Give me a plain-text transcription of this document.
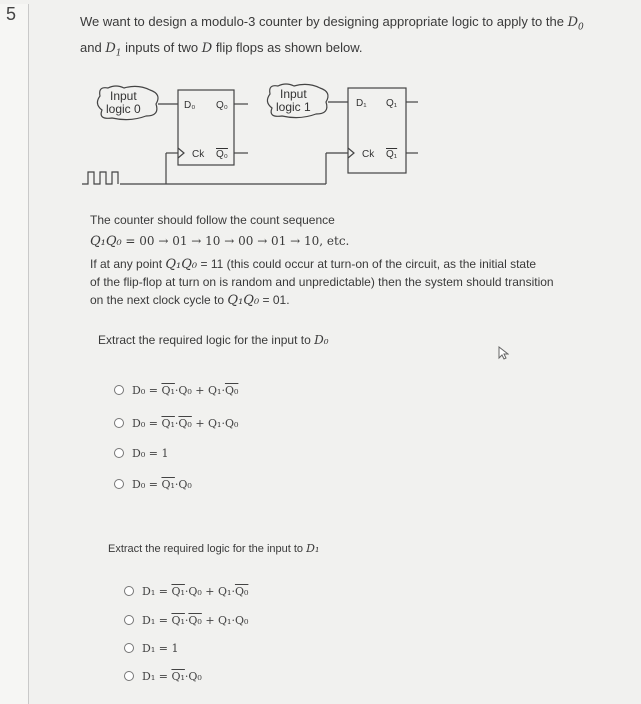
5	We want to design a modulo-3 counter by designing appropriate logic to apply to the $D_0$
and $D_1$ inputs of two D flip flops as shown below.
Input
logic 0	D₀ Q₀
Ck Q₀
Input
logic 1	D₁ Q₁
Ck Q₁
The counter should follow the count sequence
Q₁Q₀ = 00 → 01 → 10 → 00 → 01 → 10, etc.
If at any point Q₁Q₀ = 11 (this could occur at turn-on of the circuit, as the initial state
of the flip-flop at turn on is random and unpredictable) then the system should transition
on the next clock cycle to Q₁Q₀ = 01.
Extract the required logic for the input to D₀
D₀ = Q₁·Q₀ + Q₁·Q₀
D₀ = Q₁·Q₀ + Q₁·Q₀
D₀ = 1
D₀ = Q₁·Q₀
Extract the required logic for the input to D₁
D₁ = Q₁·Q₀ + Q₁·Q₀
D₁ = Q₁·Q₀ + Q₁·Q₀
D₁ = 1
D₁ = Q₁·Q₀
